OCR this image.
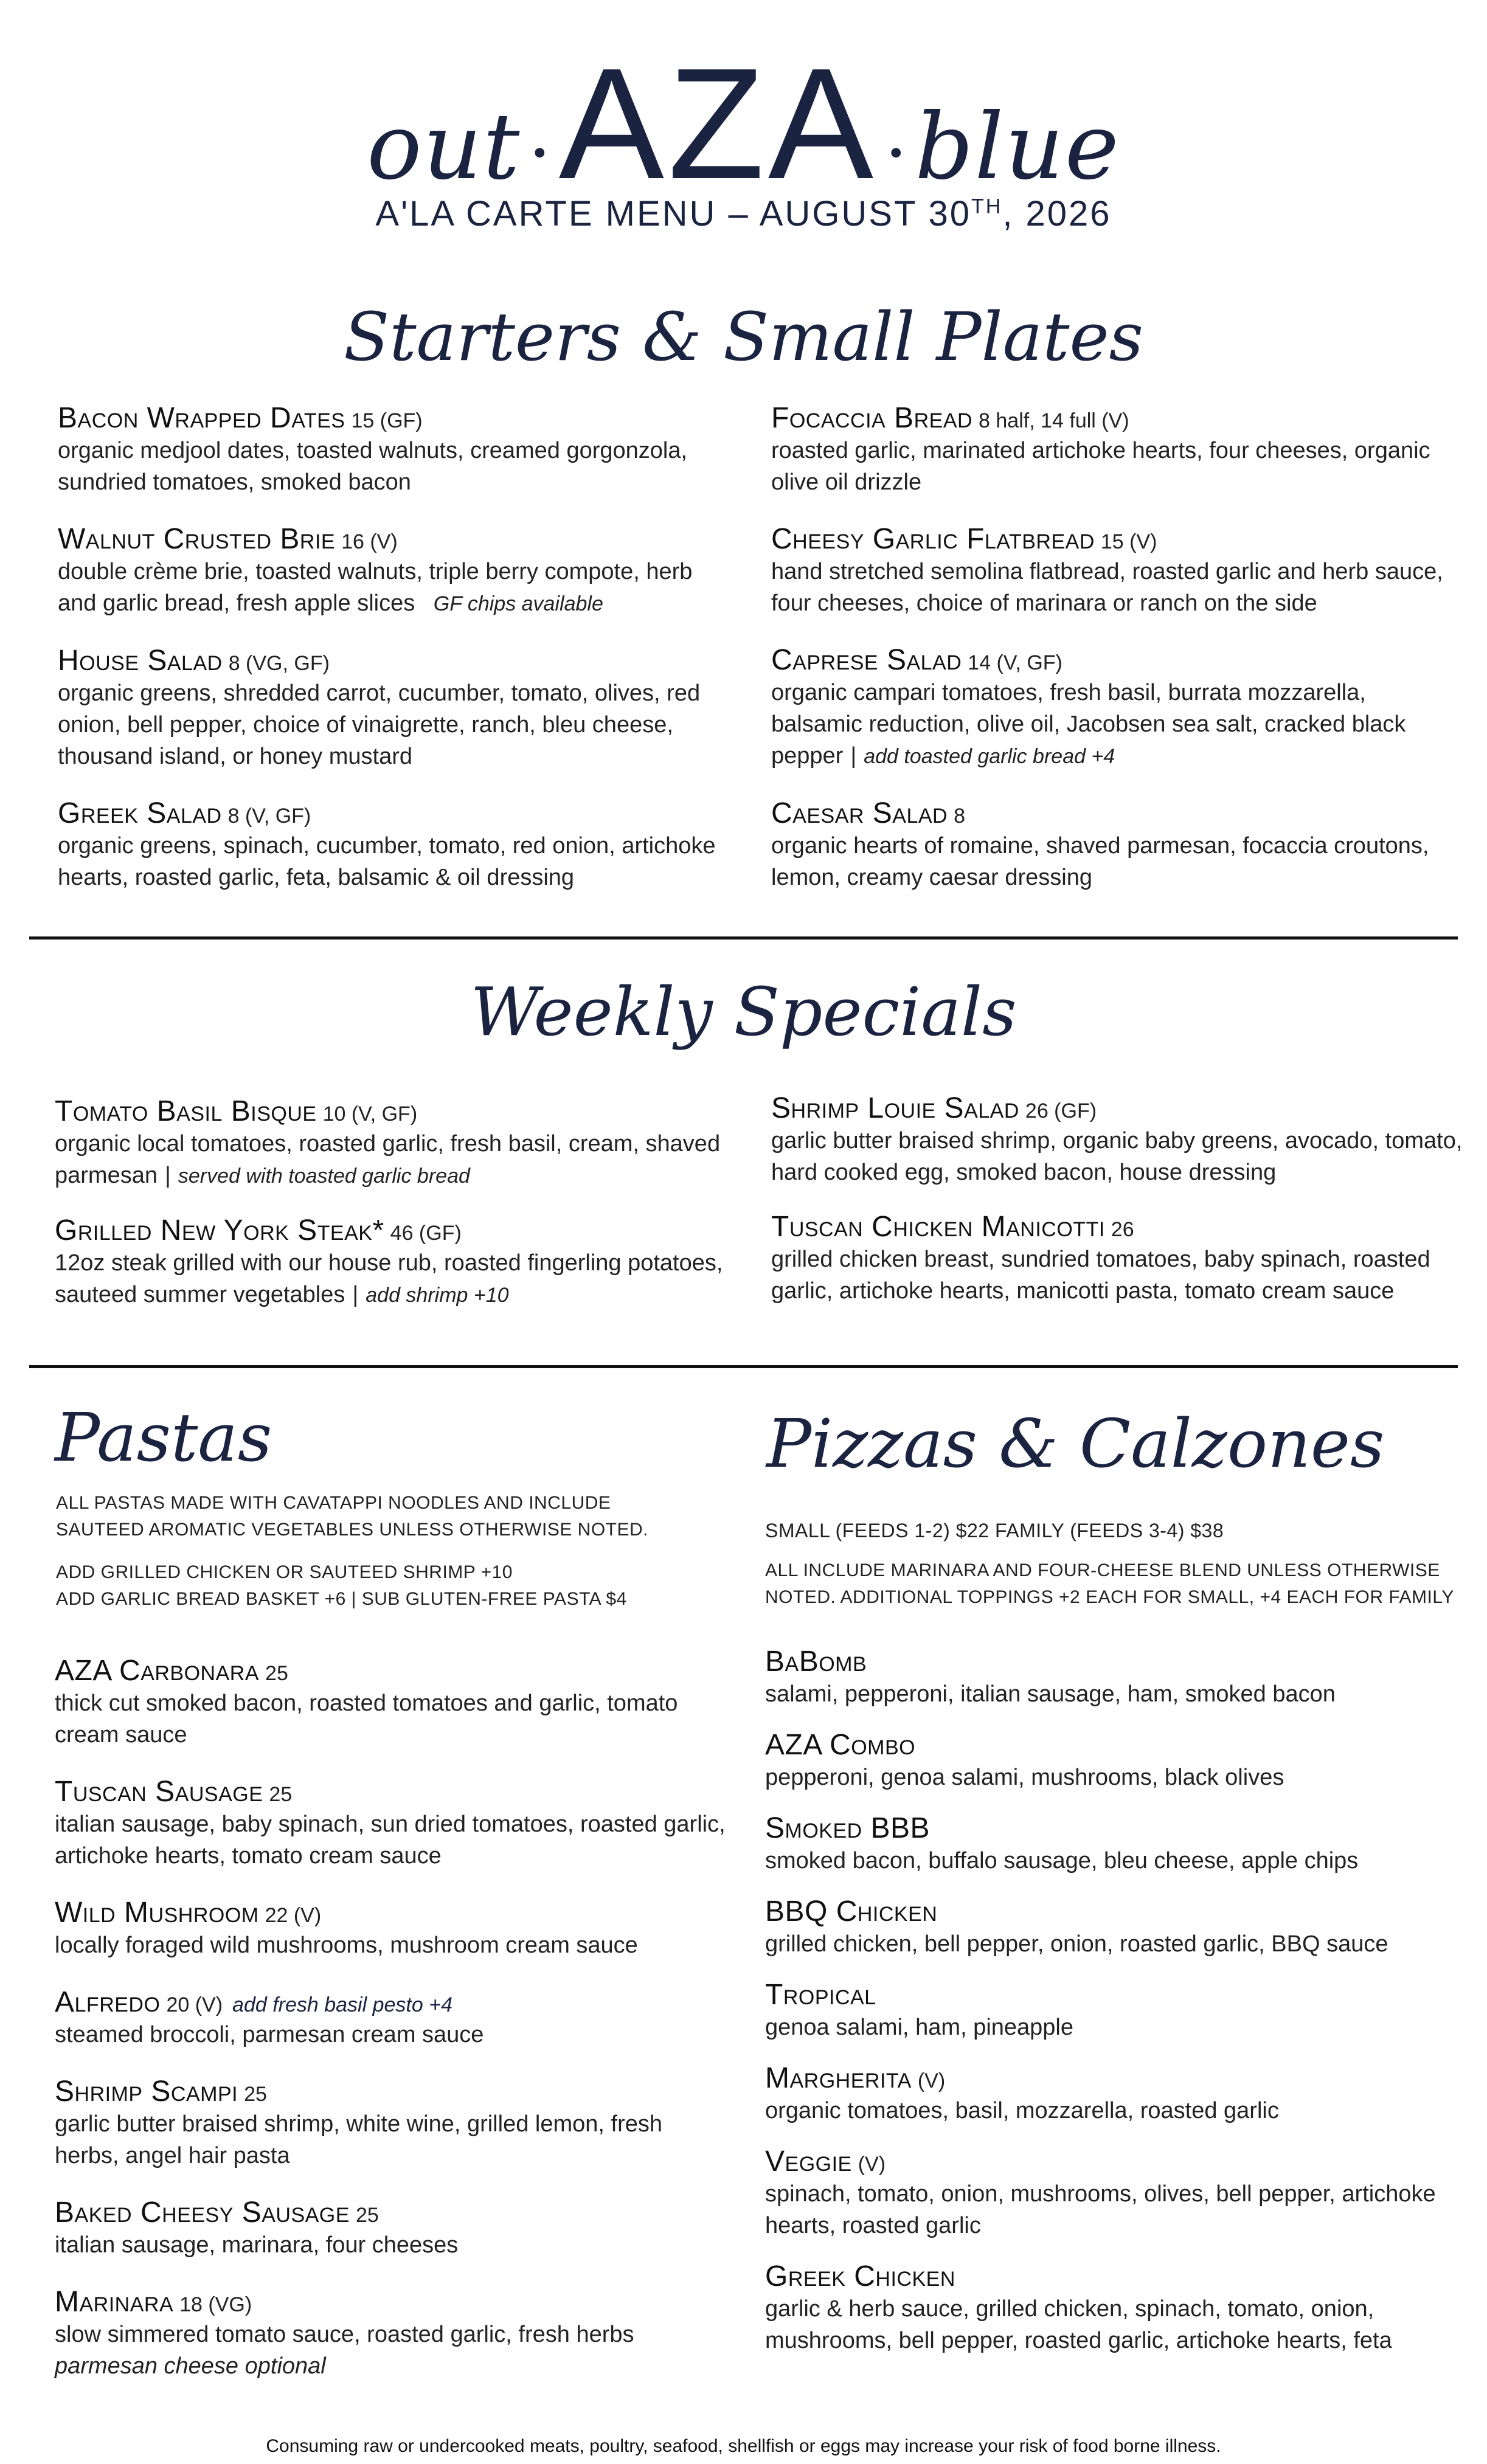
out ·AZA ·blue
A'LA CARTE MENU – AUGUST 30TH, 2026
Starters & Small Plates
Bacon Wrapped Dates 15 (GF)
organic medjool dates, toasted walnuts, creamed gorgonzola, sundried tomatoes, smoked bacon
Walnut Crusted Brie 16 (V)
double crème brie, toasted walnuts, triple berry compote, herb and garlic bread, fresh apple slices GF chips available
House Salad 8 (VG, GF)
organic greens, shredded carrot, cucumber, tomato, olives, red onion, bell pepper, choice of vinaigrette, ranch, bleu cheese, thousand island, or honey mustard
Greek Salad 8 (V, GF)
organic greens, spinach, cucumber, tomato, red onion, artichoke hearts, roasted garlic, feta, balsamic & oil dressing
Focaccia Bread 8 half, 14 full (V)
roasted garlic, marinated artichoke hearts, four cheeses, organic olive oil drizzle
Cheesy Garlic Flatbread 15 (V)
hand stretched semolina flatbread, roasted garlic and herb sauce, four cheeses, choice of marinara or ranch on the side
Caprese Salad 14 (V, GF)
organic campari tomatoes, fresh basil, burrata mozzarella, balsamic reduction, olive oil, Jacobsen sea salt, cracked black pepper | add toasted garlic bread +4
Caesar Salad 8
organic hearts of romaine, shaved parmesan, focaccia croutons, lemon, creamy caesar dressing
Weekly Specials
Tomato Basil Bisque 10 (V, GF)
organic local tomatoes, roasted garlic, fresh basil, cream, shaved parmesan | served with toasted garlic bread
Grilled New York Steak* 46 (GF)
12oz steak grilled with our house rub, roasted fingerling potatoes, sauteed summer vegetables | add shrimp +10
Shrimp Louie Salad 26 (GF)
garlic butter braised shrimp, organic baby greens, avocado, tomato, hard cooked egg, smoked bacon, house dressing
Tuscan Chicken Manicotti 26
grilled chicken breast, sundried tomatoes, baby spinach, roasted garlic, artichoke hearts, manicotti pasta, tomato cream sauce
Pastas	Pizzas & Calzones
ALL PASTAS MADE WITH CAVATAPPI NOODLES AND INCLUDE SAUTEED AROMATIC VEGETABLES UNLESS OTHERWISE NOTED.
ADD GRILLED CHICKEN OR SAUTEED SHRIMP +10
ADD GARLIC BREAD BASKET +6 | SUB GLUTEN-FREE PASTA $4
SMALL (FEEDS 1-2) $22 FAMILY (FEEDS 3-4) $38
ALL INCLUDE MARINARA AND FOUR-CHEESE BLEND UNLESS OTHERWISE NOTED. ADDITIONAL TOPPINGS +2 EACH FOR SMALL, +4 EACH FOR FAMILY
AZA Carbonara 25
thick cut smoked bacon, roasted tomatoes and garlic, tomato cream sauce
Tuscan Sausage 25
italian sausage, baby spinach, sun dried tomatoes, roasted garlic, artichoke hearts, tomato cream sauce
Wild Mushroom 22 (V)
locally foraged wild mushrooms, mushroom cream sauce
Alfredo 20 (V) add fresh basil pesto +4
steamed broccoli, parmesan cream sauce
Shrimp Scampi 25
garlic butter braised shrimp, white wine, grilled lemon, fresh herbs, angel hair pasta
Baked Cheesy Sausage 25
italian sausage, marinara, four cheeses
Marinara 18 (VG)
slow simmered tomato sauce, roasted garlic, fresh herbs
parmesan cheese optional
BaBomb
salami, pepperoni, italian sausage, ham, smoked bacon
AZA Combo
pepperoni, genoa salami, mushrooms, black olives
Smoked BBB
smoked bacon, buffalo sausage, bleu cheese, apple chips
BBQ Chicken
grilled chicken, bell pepper, onion, roasted garlic, BBQ sauce
Tropical
genoa salami, ham, pineapple
Margherita (V)
organic tomatoes, basil, mozzarella, roasted garlic
Veggie (V)
spinach, tomato, onion, mushrooms, olives, bell pepper, artichoke hearts, roasted garlic
Greek Chicken
garlic & herb sauce, grilled chicken, spinach, tomato, onion, mushrooms, bell pepper, roasted garlic, artichoke hearts, feta
Consuming raw or undercooked meats, poultry, seafood, shellfish or eggs may increase your risk of food borne illness.
